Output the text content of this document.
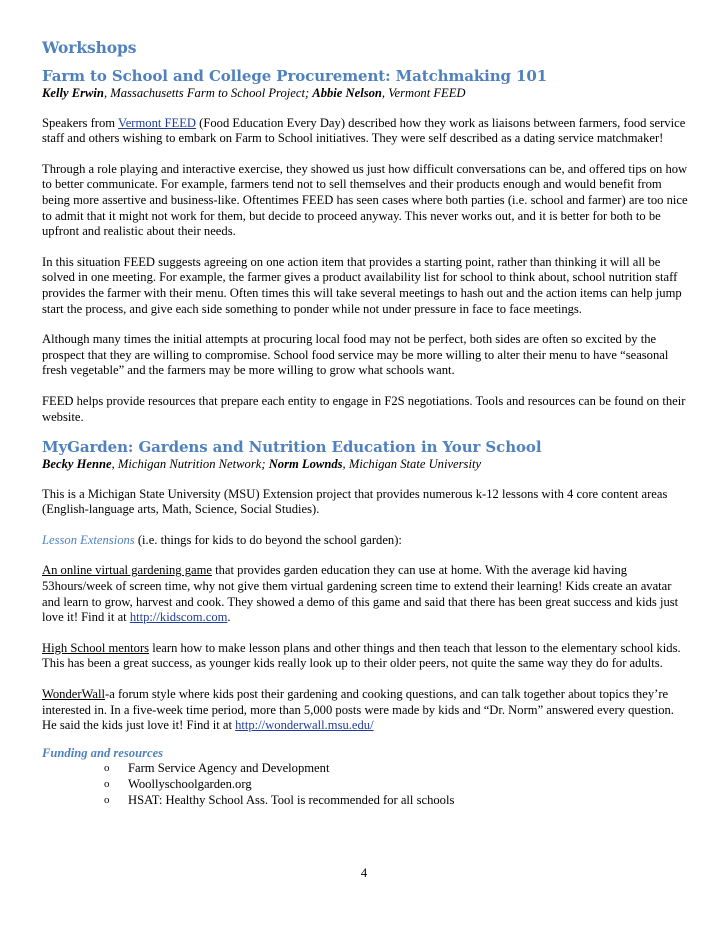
Workshops
Farm to School and College Procurement: Matchmaking 101
Kelly Erwin, Massachusetts Farm to School Project; Abbie Nelson, Vermont FEED

Speakers from Vermont FEED (Food Education Every Day) described how they work as liaisons between farmers, food service staff and others wishing to embark on Farm to School initiatives. They were self described as a dating service matchmaker!

Through a role playing and interactive exercise, they showed us just how difficult conversations can be, and offered tips on how to better communicate. For example, farmers tend not to sell themselves and their products enough and would benefit from being more assertive and business-like. Oftentimes FEED has seen cases where both parties (i.e. school and farmer) are too nice to admit that it might not work for them, but decide to proceed anyway. This never works out, and it is better for both to be upfront and realistic about their needs.

In this situation FEED suggests agreeing on one action item that provides a starting point, rather than thinking it will all be solved in one meeting. For example, the farmer gives a product availability list for school to think about, school nutrition staff provides the farmer with their menu. Often times this will take several meetings to hash out and the action items can help jump start the process, and give each side something to ponder while not under pressure in face to face meetings.

Although many times the initial attempts at procuring local food may not be perfect, both sides are often so excited by the prospect that they are willing to compromise. School food service may be more willing to alter their menu to have “seasonal fresh vegetable” and the farmers may be more willing to grow what schools want.

FEED helps provide resources that prepare each entity to engage in F2S negotiations. Tools and resources can be found on their website.

MyGarden: Gardens and Nutrition Education in Your School
Becky Henne, Michigan Nutrition Network; Norm Lownds, Michigan State University

This is a Michigan State University (MSU) Extension project that provides numerous k-12 lessons with 4 core content areas (English-language arts, Math, Science, Social Studies).

Lesson Extensions (i.e. things for kids to do beyond the school garden):

An online virtual gardening game that provides garden education they can use at home. With the average kid having 53hours/week of screen time, why not give them virtual gardening screen time to extend their learning! Kids create an avatar and learn to grow, harvest and cook. They showed a demo of this game and said that there has been great success and kids just love it! Find it at http://kidscom.com.

High School mentors learn how to make lesson plans and other things and then teach that lesson to the elementary school kids. This has been a great success, as younger kids really look up to their older peers, not quite the same way they do for adults.

WonderWall-a forum style where kids post their gardening and cooking questions, and can talk together about topics they’re interested in. In a five-week time period, more than 5,000 posts were made by kids and “Dr. Norm” answered every question. He said the kids just love it! Find it at http://wonderwall.msu.edu/

Funding and resources
o Farm Service Agency and Development
o Woollyschoolgarden.org
o HSAT: Healthy School Ass. Tool is recommended for all schools
4
